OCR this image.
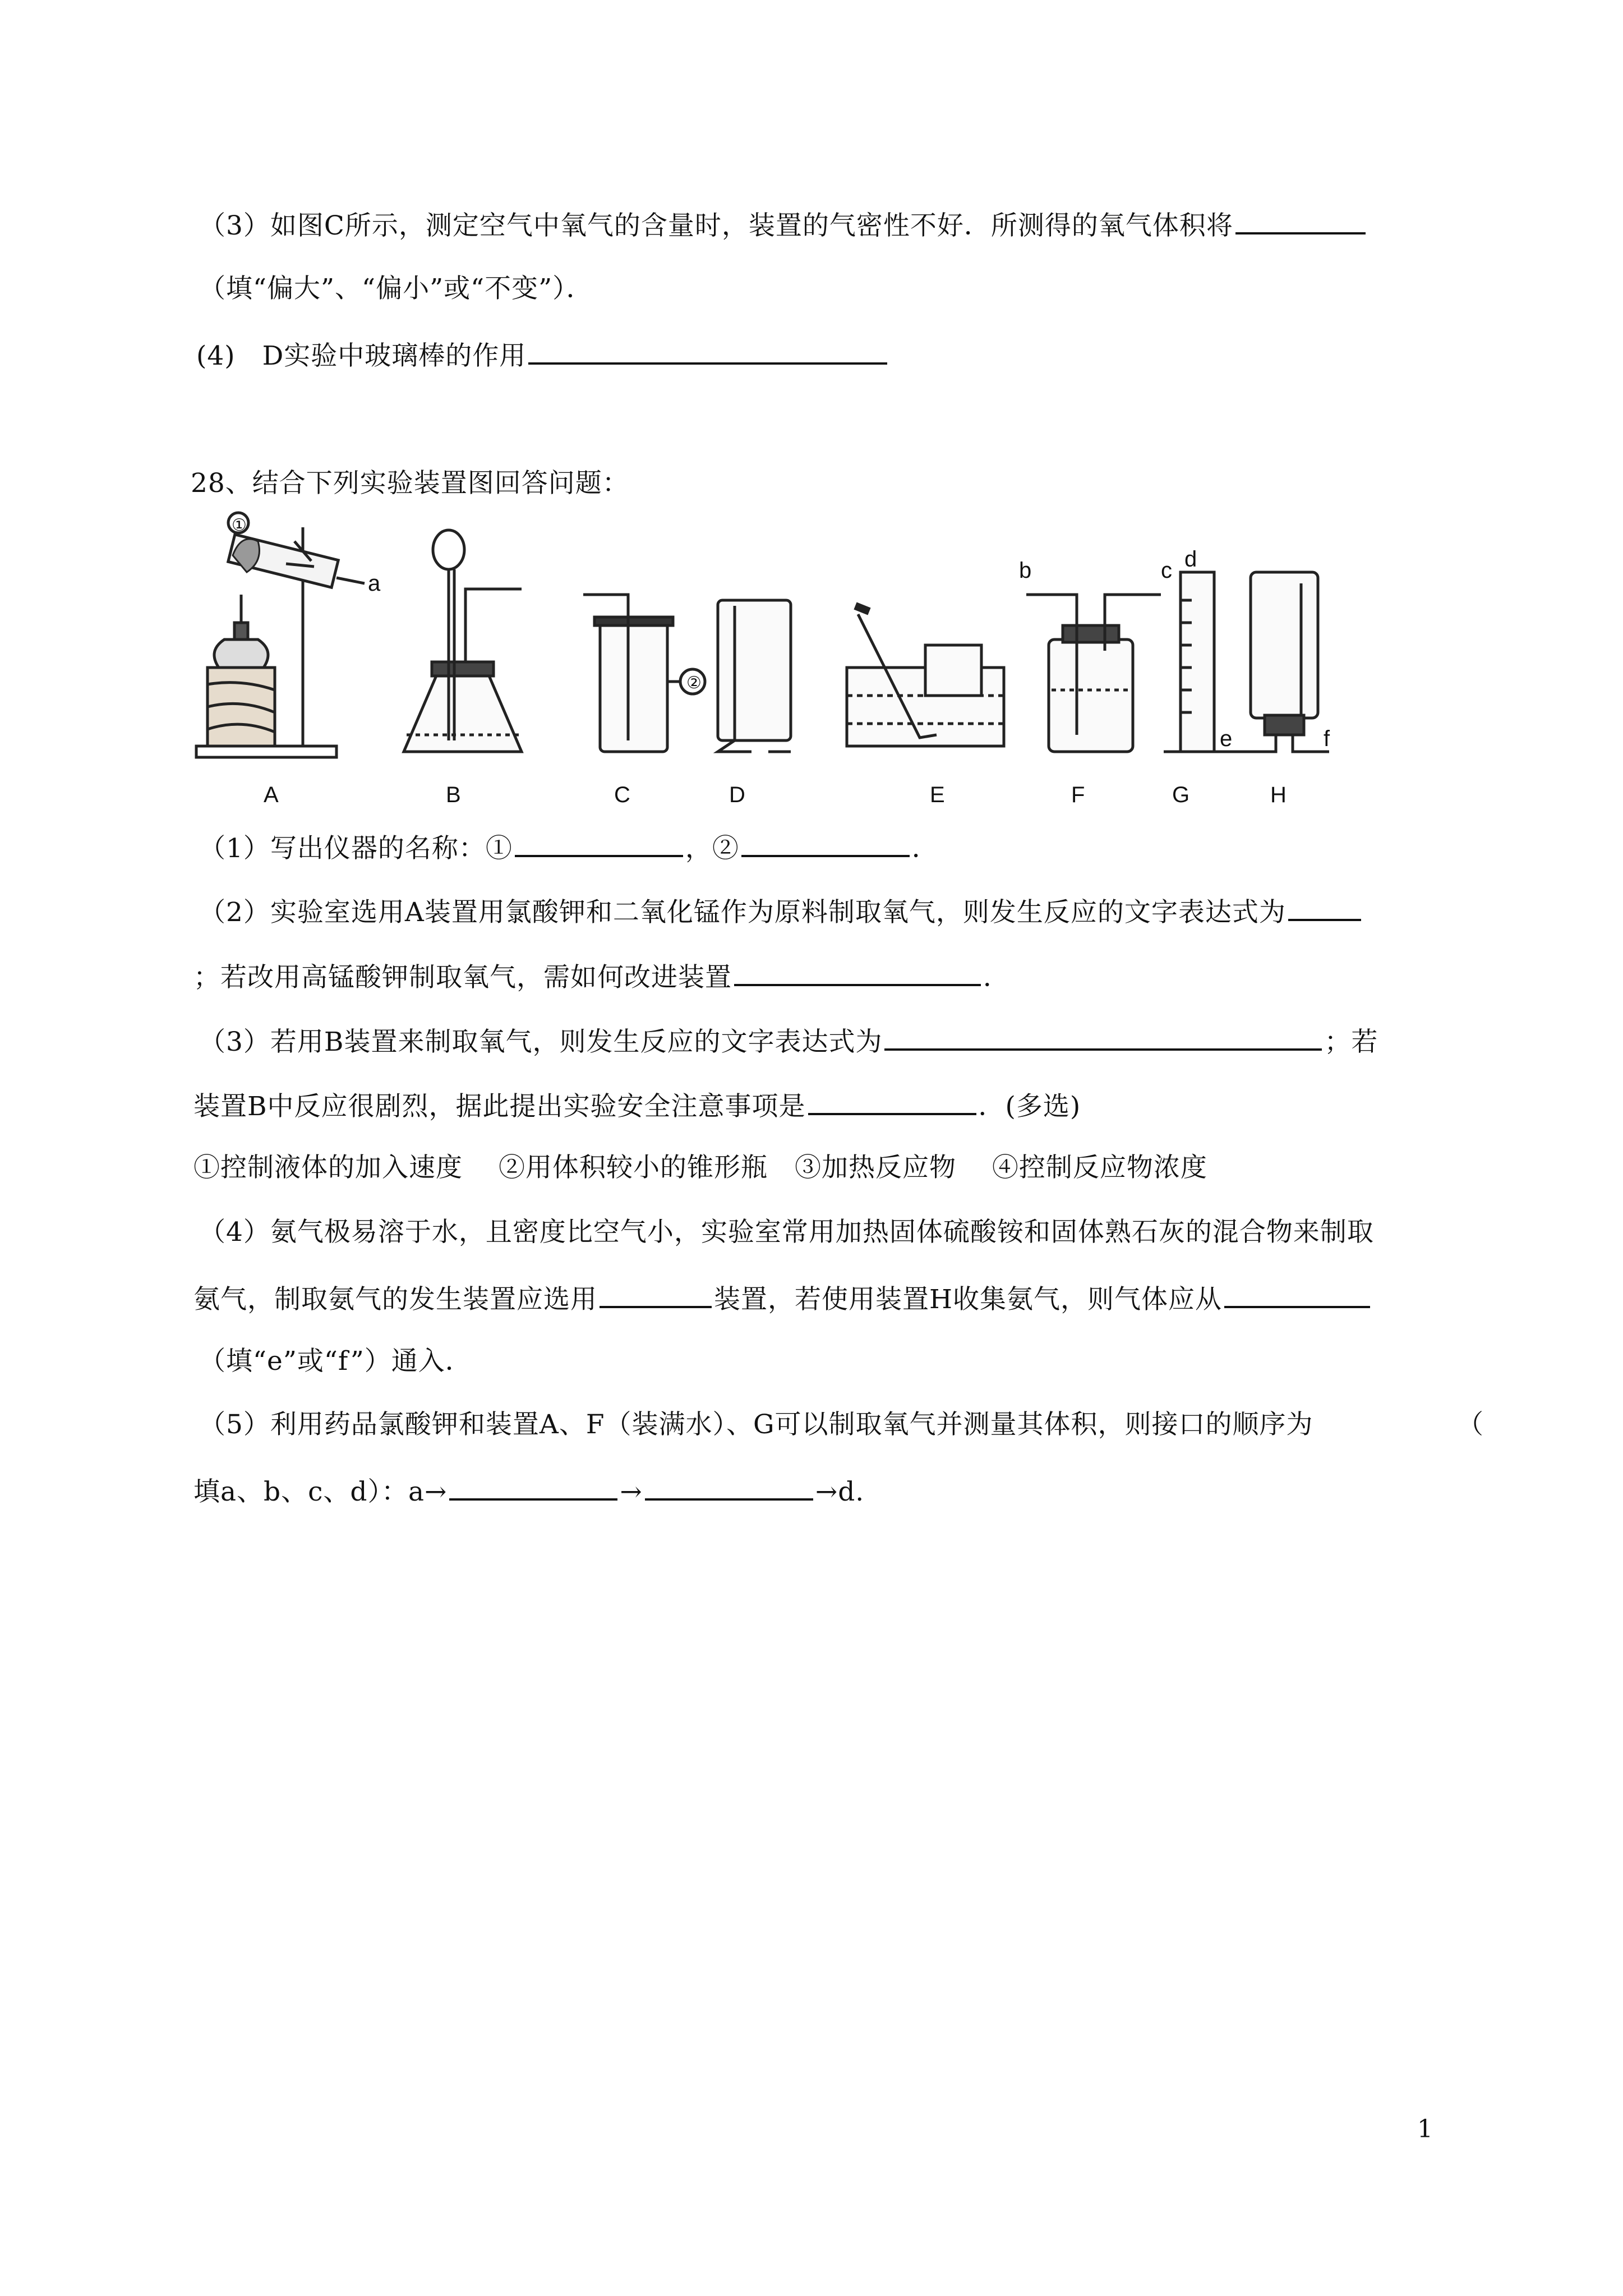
（3）如图C所示，测定空气中氧气的含量时，装置的气密性不好．所测得的氧气体积将
（填“偏大”、“偏小”或“不变”）．
(4)　D实验中玻璃棒的作用
28、结合下列实验装置图回答问题：
①
②
a
b	c d
e	f
A	B	C	D	E	F	G	H
（1）写出仪器的名称：①	，②	．
（2）实验室选用A装置用氯酸钾和二氧化锰作为原料制取氧气，则发生反应的文字表达式为
；若改用高锰酸钾制取氧气，需如何改进装置	．
（3）若用B装置来制取氧气，则发生反应的文字表达式为	；若
装置B中反应很剧烈，据此提出实验安全注意事项是	．(多选)
①控制液体的加入速度　 ②用体积较小的锥形瓶　③加热反应物　 ④控制反应物浓度
（4）氨气极易溶于水，且密度比空气小，实验室常用加热固体硫酸铵和固体熟石灰的混合物来制取
氨气，制取氨气的发生装置应选用	装置，若使用装置H收集氨气，则气体应从
（填“e”或“f”）通入．
（5）利用药品氯酸钾和装置A、F（装满水）、G可以制取氧气并测量其体积，则接口的顺序为	（
填a、b、c、d）：a→	→	→d.
1
